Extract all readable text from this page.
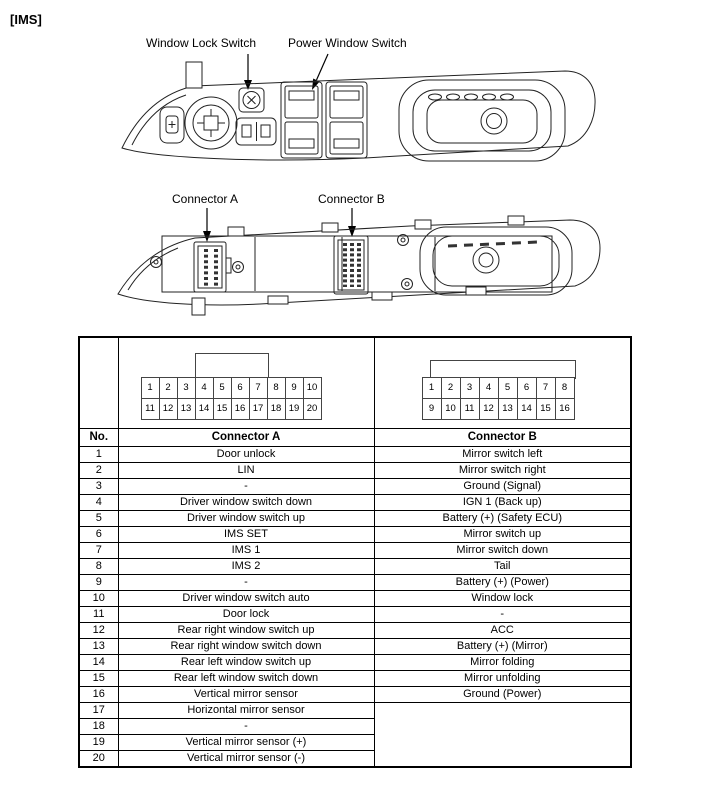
[IMS]
Window Lock Switch	Power Window Switch
Connector A	Connector B

1	2	3	4	5	6	7	8	9	10
11 12 13 14 15 16 17 18 19 20

1	2	3	4	5	6	7	8
9	10 11 12 13 14 15 16

No.	Connector A	Connector B
1	Door unlock	Mirror switch left
2	LIN	Mirror switch right
3	-	Ground (Signal)
4	Driver window switch down	IGN 1 (Back up)
5	Driver window switch up	Battery (+) (Safety ECU)
6	IMS SET	Mirror switch up
7	IMS 1	Mirror switch down
8	IMS 2	Tail
9	-	Battery (+) (Power)
10	Driver window switch auto	Window lock
11	Door lock	-
12	Rear right window switch up	ACC
13	Rear right window switch down	Battery (+) (Mirror)
14	Rear left window switch up	Mirror folding
15	Rear left window switch down	Mirror unfolding
16	Vertical mirror sensor	Ground (Power)
17	Horizontal mirror sensor	
18	-	
19	Vertical mirror sensor (+)	
20	Vertical mirror sensor (-)	
